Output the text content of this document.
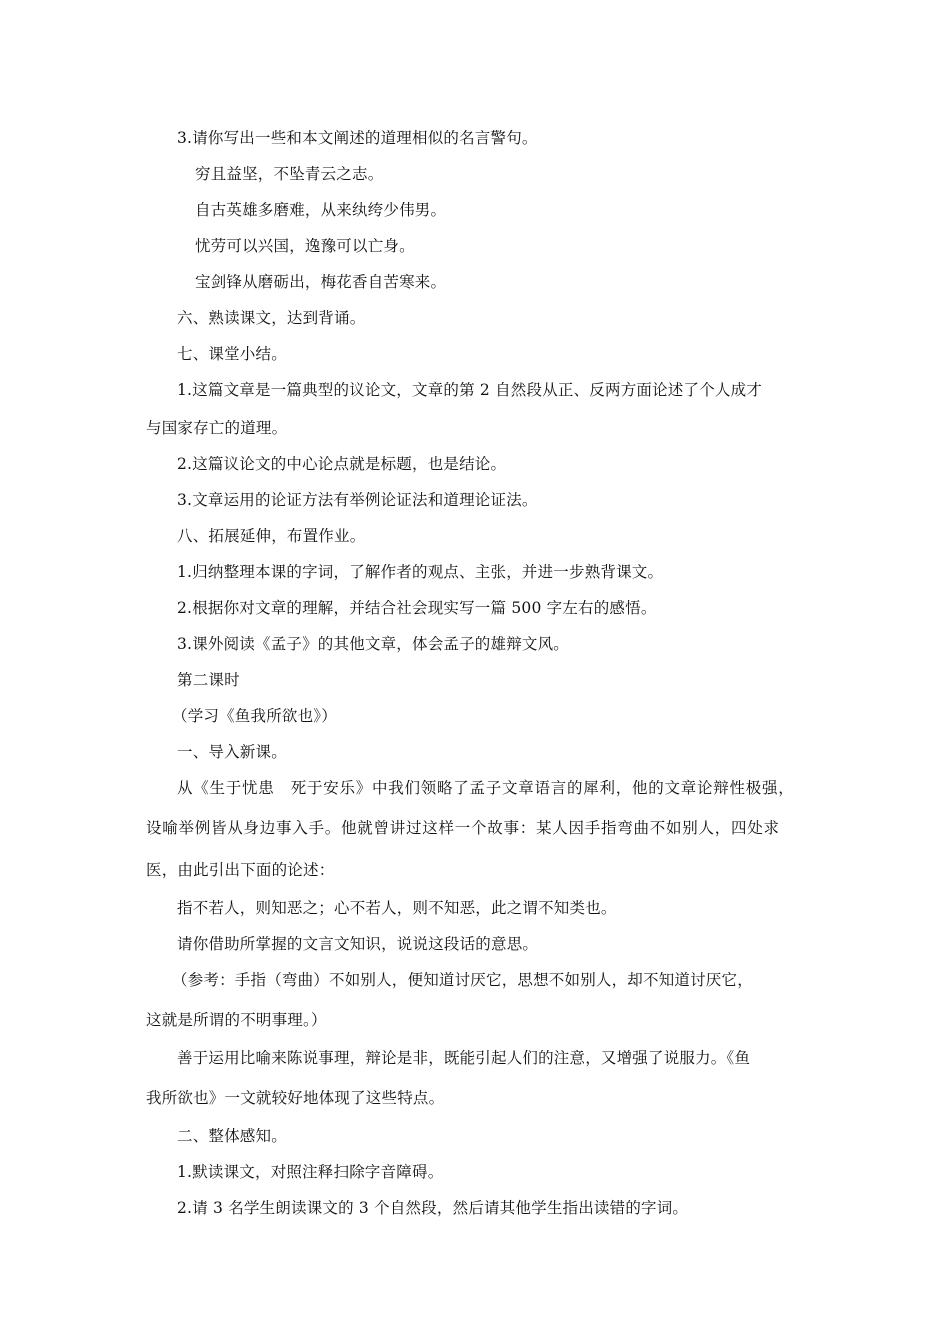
3.请你写出一些和本文阐述的道理相似的名言警句。
穷且益坚，不坠青云之志。
自古英雄多磨难，从来纨绔少伟男。
忧劳可以兴国，逸豫可以亡身。
宝剑锋从磨砺出，梅花香自苦寒来。
六、熟读课文，达到背诵。
七、课堂小结。
1.这篇文章是一篇典型的议论文，文章的第 2 自然段从正、反两方面论述了个人成才
与国家存亡的道理。
2.这篇议论文的中心论点就是标题，也是结论。
3.文章运用的论证方法有举例论证法和道理论证法。
八、拓展延伸，布置作业。
1.归纳整理本课的字词，了解作者的观点、主张，并进一步熟背课文。
2.根据你对文章的理解，并结合社会现实写一篇 500 字左右的感悟。
3.课外阅读《孟子》的其他文章，体会孟子的雄辩文风。
第二课时
（学习《鱼我所欲也》）
一、导入新课。
从《生于忧患　死于安乐》中我们领略了孟子文章语言的犀利，他的文章论辩性极强，
设喻举例皆从身边事入手。他就曾讲过这样一个故事：某人因手指弯曲不如别人，四处求
医，由此引出下面的论述：
指不若人，则知恶之；心不若人，则不知恶，此之谓不知类也。
请你借助所掌握的文言文知识，说说这段话的意思。
（参考：手指（弯曲）不如别人，便知道讨厌它，思想不如别人，却不知道讨厌它，
这就是所谓的不明事理。）
善于运用比喻来陈说事理，辩论是非，既能引起人们的注意，又增强了说服力。《鱼
我所欲也》一文就较好地体现了这些特点。
二、整体感知。
1.默读课文，对照注释扫除字音障碍。
2.请 3 名学生朗读课文的 3 个自然段，然后请其他学生指出读错的字词。
